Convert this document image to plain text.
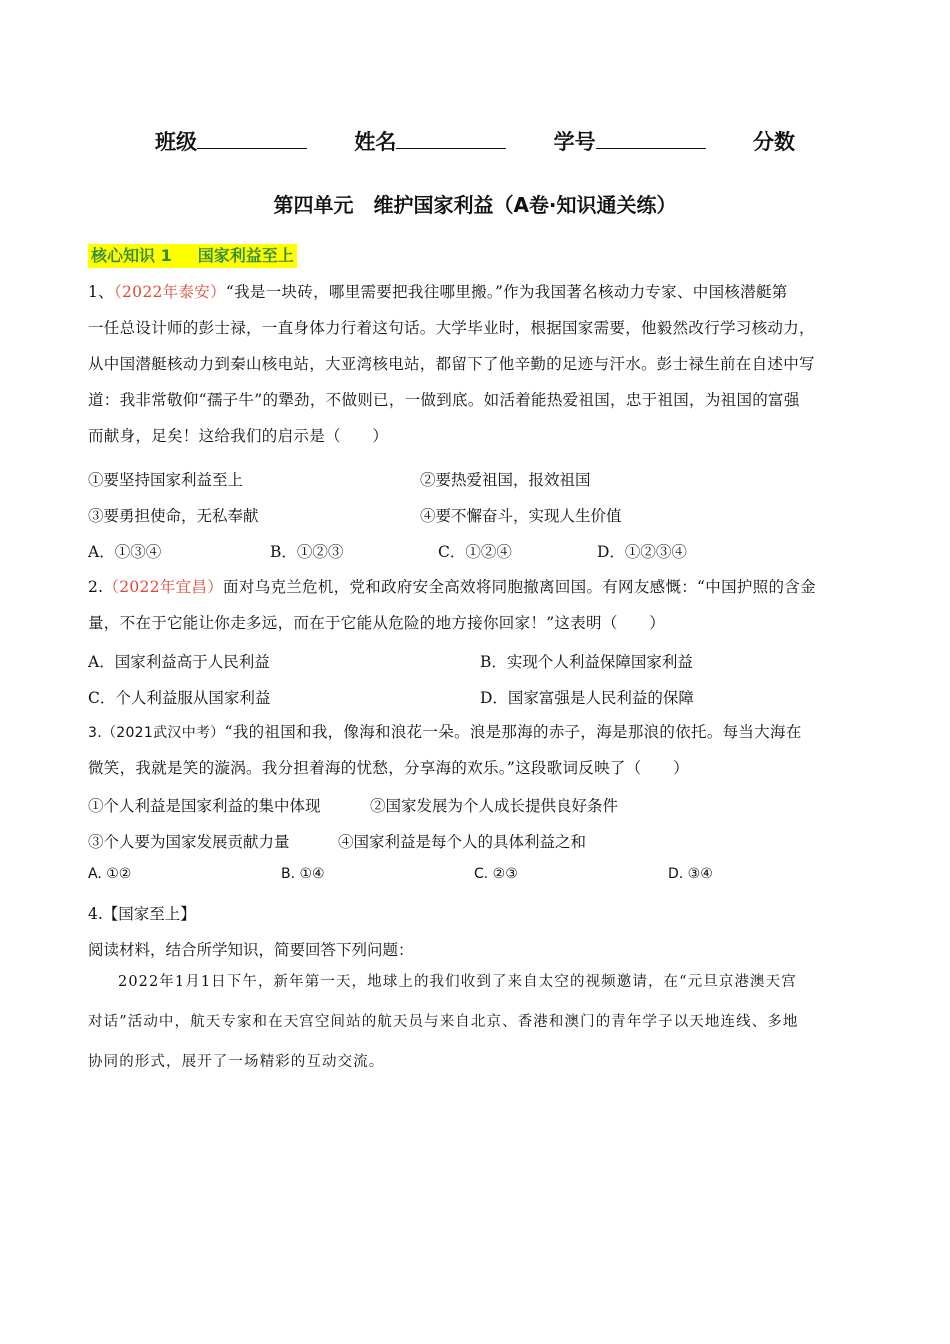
班级	姓名	学号	分数
第四单元　维护国家利益（A卷·知识通关练）
核心知识 1 国家利益至上
1、（2022年泰安）“我是一块砖，哪里需要把我往哪里搬。”作为我国著名核动力专家、中国核潜艇第
一任总设计师的彭士禄，一直身体力行着这句话。大学毕业时，根据国家需要，他毅然改行学习核动力，
从中国潜艇核动力到秦山核电站，大亚湾核电站，都留下了他辛勤的足迹与汗水。彭士禄生前在自述中写
道：我非常敬仰“孺子牛”的犟劲，不做则已，一做到底。如活着能热爱祖国，忠于祖国，为祖国的富强
而献身，足矣！这给我们的启示是（　　）
①要坚持国家利益至上	②要热爱祖国，报效祖国
③要勇担使命，无私奉献	④要不懈奋斗，实现人生价值
A．①③④	B．①②③	C．①②④	D．①②③④
2.（2022年宜昌）面对乌克兰危机，党和政府安全高效将同胞撤离回国。有网友感慨：“中国护照的含金
量，不在于它能让你走多远，而在于它能从危险的地方接你回家！”这表明（　　）
A．国家利益高于人民利益	B．实现个人利益保障国家利益
C．个人利益服从国家利益	D．国家富强是人民利益的保障
3.（2021武汉中考）“我的祖国和我，像海和浪花一朵。浪是那海的赤子，海是那浪的依托。每当大海在
微笑，我就是笑的漩涡。我分担着海的忧愁，分享海的欢乐。”这段歌词反映了（　　）
①个人利益是国家利益的集中体现	②国家发展为个人成长提供良好条件
③个人要为国家发展贡献力量	④国家利益是每个人的具体利益之和
A. ①②	B. ①④	C. ②③	D. ③④
4.【国家至上】
阅读材料，结合所学知识，简要回答下列问题：
2022年1月1日下午，新年第一天，地球上的我们收到了来自太空的视频邀请，在“元旦京港澳天宫
对话”活动中，航天专家和在天宫空间站的航天员与来自北京、香港和澳门的青年学子以天地连线、多地
协同的形式，展开了一场精彩的互动交流。
